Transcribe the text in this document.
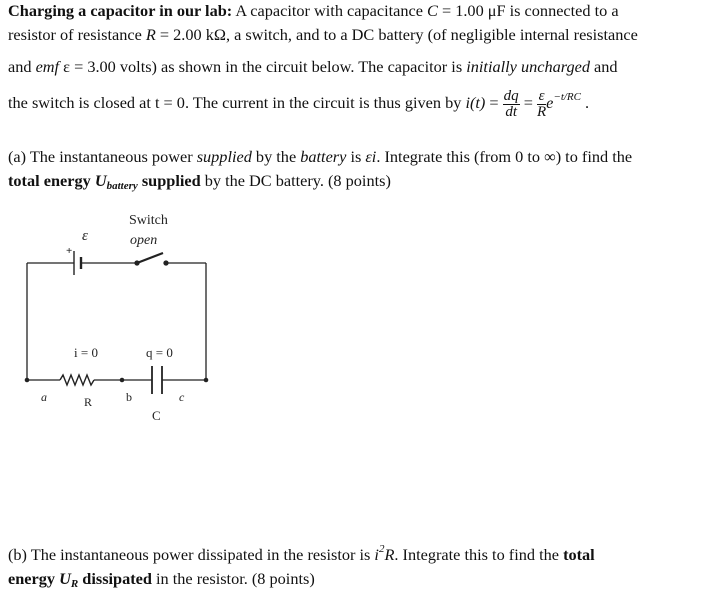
Charging a capacitor in our lab: A capacitor with capacitance C = 1.00 μF is connected to a
resistor of resistance R = 2.00 kΩ, a switch, and to a DC battery (of negligible internal resistance
and emf ε = 3.00 volts) as shown in the circuit below. The capacitor is initially uncharged and
the switch is closed at t = 0. The current in the circuit is thus given by $i(t) = \frac{dq}{dt} = \frac{\varepsilon}{R} e^{-t/RC}$ .
(a) The instantaneous power supplied by the battery is εi. Integrate this (from 0 to ∞) to find the
total energy $U_{battery}$ supplied by the DC battery. (8 points)
ε
+
Switch
open
i = 0	q = 0
a	R	b
C
c
(b) The instantaneous power dissipated in the resistor is $i^2R$. Integrate this to find the total
energy $U_R$ dissipated in the resistor. (8 points)
